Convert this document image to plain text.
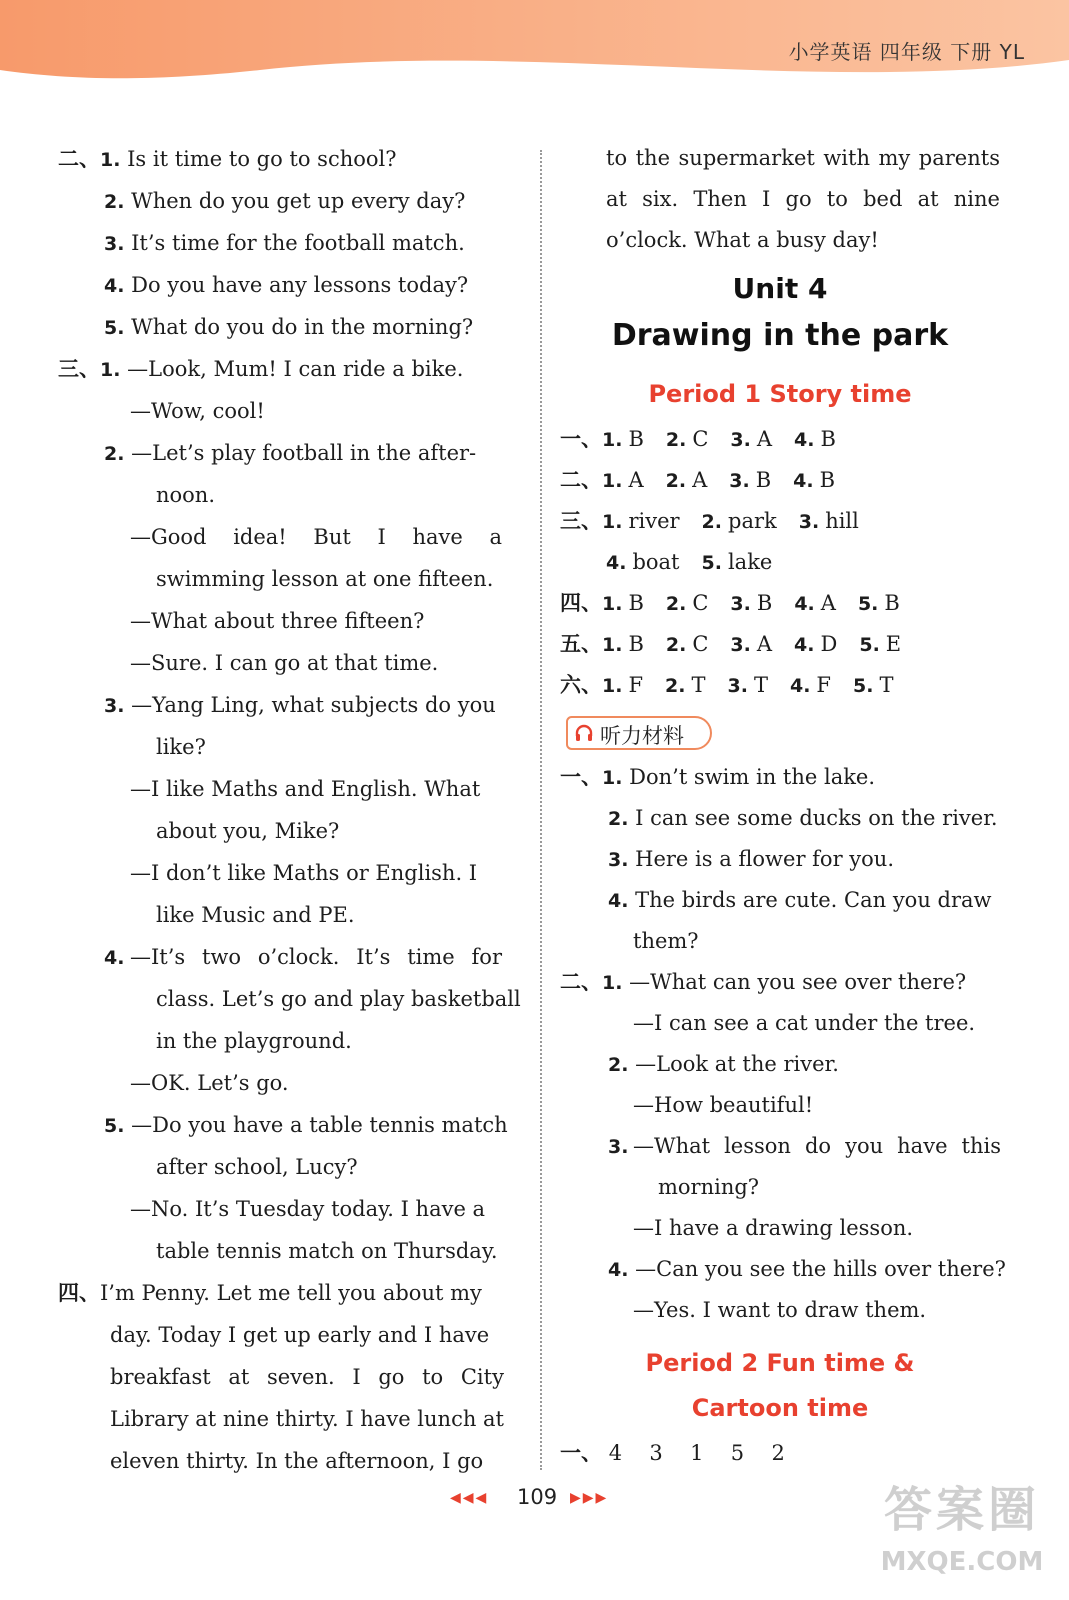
小学英语 四年级 下册 YL
二、1. Is it time to go to school?
2. When do you get up every day?
3. It’s time for the football match.
4. Do you have any lessons today?
5. What do you do in the morning?
三、1. —Look, Mum! I can ride a bike.
—Wow, cool!
2. —Let’s play football in the after-
noon.
—Good idea! But I have a
swimming lesson at one fifteen.
—What about three fifteen?
—Sure. I can go at that time.
3. —Yang Ling, what subjects do you
like?
—I like Maths and English. What
about you, Mike?
—I don’t like Maths or English. I
like Music and PE.
4. —It’s two o’clock. It’s time for
class. Let’s go and play basketball
in the playground.
—OK. Let’s go.
5. —Do you have a table tennis match
after school, Lucy?
—No. It’s Tuesday today. I have a
table tennis match on Thursday.
四、I’m Penny. Let me tell you about my
day. Today I get up early and I have
breakfast at seven. I go to City
Library at nine thirty. I have lunch at
eleven thirty. In the afternoon, I go
to the supermarket with my parents
at six. Then I go to bed at nine
o’clock. What a busy day!
Unit 4
Drawing in the park
Period 1 Story time
一、1. B 2. C 3. A 4. B
二、1. A 2. A 3. B 4. B
三、1. river 2. park 3. hill
4. boat 5. lake
四、1. B 2. C 3. B 4. A 5. B
五、1. B 2. C 3. A 4. D 5. E
六、1. F 2. T 3. T 4. F 5. T
听力材料
一、1. Don’t swim in the lake.
2. I can see some ducks on the river.
3. Here is a flower for you.
4. The birds are cute. Can you draw
them?
二、1. —What can you see over there?
—I can see a cat under the tree.
2. —Look at the river.
—How beautiful!
3. —What lesson do you have this
morning?
—I have a drawing lesson.
4. —Can you see the hills over there?
—Yes. I want to draw them.
Period 2 Fun time &
Cartoon time
一、 4 3 1 5 2
◀◀◀ 109 ▶▶▶	答案圈
MXQE.COM
